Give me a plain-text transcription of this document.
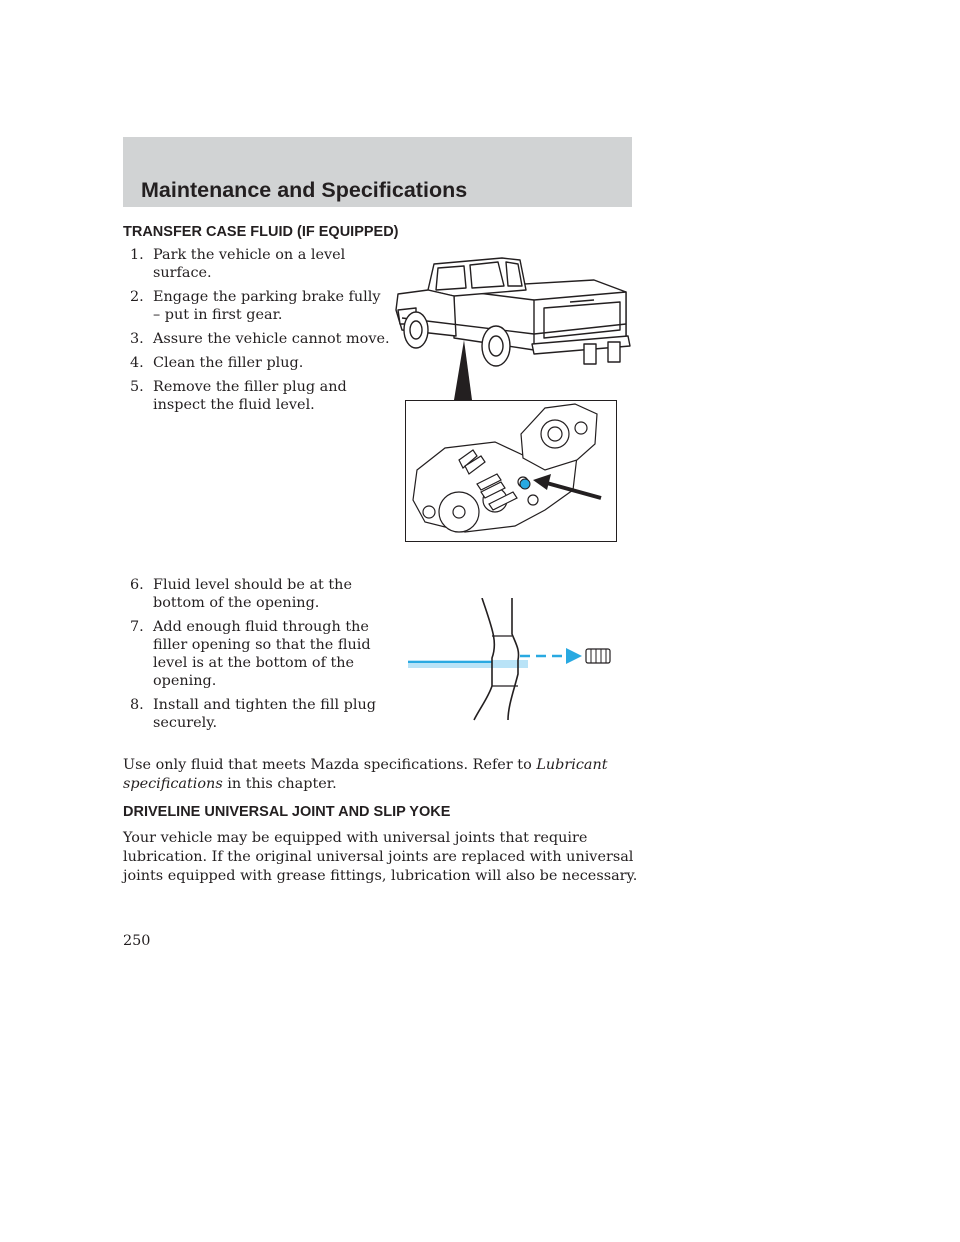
Maintenance and Specifications
TRANSFER CASE FLUID (IF EQUIPPED)
1. Park the vehicle on a level surface.
2. Engage the parking brake fully – put in first gear.
3. Assure the vehicle cannot move.
4. Clean the filler plug.
5. Remove the filler plug and inspect the fluid level.
6. Fluid level should be at the bottom of the opening.
7. Add enough fluid through the filler opening so that the fluid level is at the bottom of the opening.
8. Install and tighten the fill plug securely.

Use only fluid that meets Mazda specifications. Refer to Lubricant specifications in this chapter.

DRIVELINE UNIVERSAL JOINT AND SLIP YOKE

Your vehicle may be equipped with universal joints that require lubrication. If the original universal joints are replaced with universal joints equipped with grease fittings, lubrication will also be necessary.

250
